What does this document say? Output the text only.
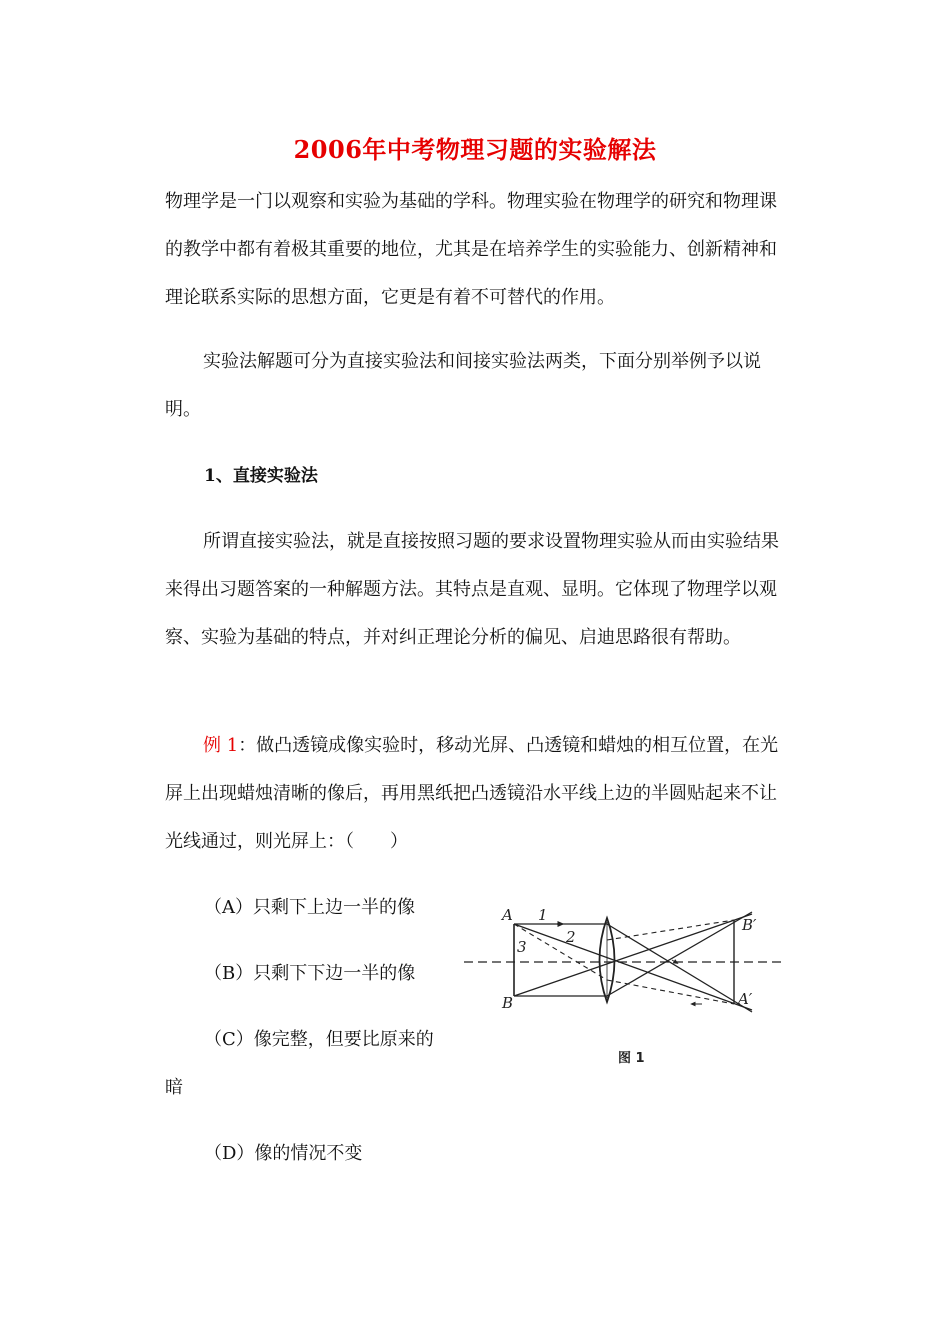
2006年中考物理习题的实验解法

物理学是一门以观察和实验为基础的学科。物理实验在物理学的研究和物理课的教学中都有着极其重要的地位，尤其是在培养学生的实验能力、创新精神和理论联系实际的思想方面，它更是有着不可替代的作用。

实验法解题可分为直接实验法和间接实验法两类，下面分别举例予以说明。

1、直接实验法

所谓直接实验法，就是直接按照习题的要求设置物理实验从而由实验结果来得出习题答案的一种解题方法。其特点是直观、显明。它体现了物理学以观察、实验为基础的特点，并对纠正理论分析的偏见、启迪思路很有帮助。

例 1：做凸透镜成像实验时，移动光屏、凸透镜和蜡烛的相互位置，在光屏上出现蜡烛清晰的像后，再用黑纸把凸透镜沿水平线上边的半圆贴起来不让光线通过，则光屏上：（　　）

（A）只剩下上边一半的像
（B）只剩下下边一半的像
（C）像完整，但要比原来的
暗
（D）像的情况不变
A
B
B′
A′
1
2
3
图 1
